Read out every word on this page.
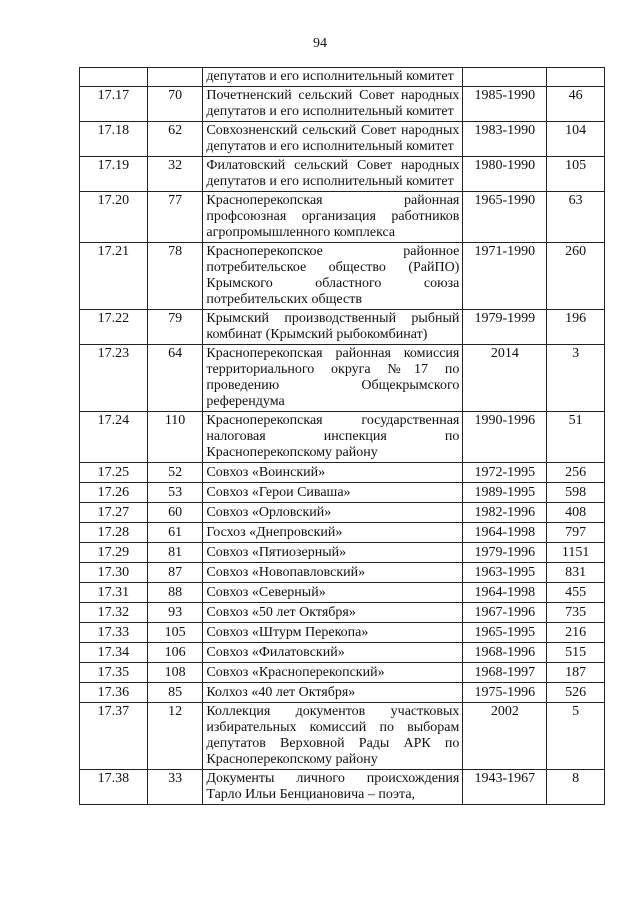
94
		депутатов и его исполнительный комитет		
17.17	70	Почетненский сельский Совет народных депутатов и его исполнительный комитет	1985-1990	46
17.18	62	Совхозненский сельский Совет народных депутатов и его исполнительный комитет	1983-1990	104
17.19	32	Филатовский сельский Совет народных депутатов и его исполнительный комитет	1980-1990	105
17.20	77	Красноперекопская районная профсоюзная организация работников агропромышленного комплекса	1965-1990	63
17.21	78	Красноперекопское районное потребительское общество (РайПО) Крымского областного союза потребительских обществ	1971-1990	260
17.22	79	Крымский производственный рыбный комбинат (Крымский рыбокомбинат)	1979-1999	196
17.23	64	Красноперекопская районная комиссия территориального округа №17 по проведению Общекрымского референдума	2014	3
17.24	110	Красноперекопская государственная налоговая инспекция по Красноперекопскому району	1990-1996	51
17.25	52	Совхоз «Воинский»	1972-1995	256
17.26	53	Совхоз «Герои Сиваша»	1989-1995	598
17.27	60	Совхоз «Орловский»	1982-1996	408
17.28	61	Госхоз «Днепровский»	1964-1998	797
17.29	81	Совхоз «Пятиозерный»	1979-1996	1151
17.30	87	Совхоз «Новопавловский»	1963-1995	831
17.31	88	Совхоз «Северный»	1964-1998	455
17.32	93	Совхоз «50 лет Октября»	1967-1996	735
17.33	105	Совхоз «Штурм Перекопа»	1965-1995	216
17.34	106	Совхоз «Филатовский»	1968-1996	515
17.35	108	Совхоз «Красноперекопский»	1968-1997	187
17.36	85	Колхоз «40 лет Октября»	1975-1996	526
17.37	12	Коллекция документов участковых избирательных комиссий по выборам депутатов Верховной Рады АРК по Красноперекопскому району	2002	5
17.38	33	Документы личного происхождения Тарло Ильи Бенциановича – поэта,	1943-1967	8
